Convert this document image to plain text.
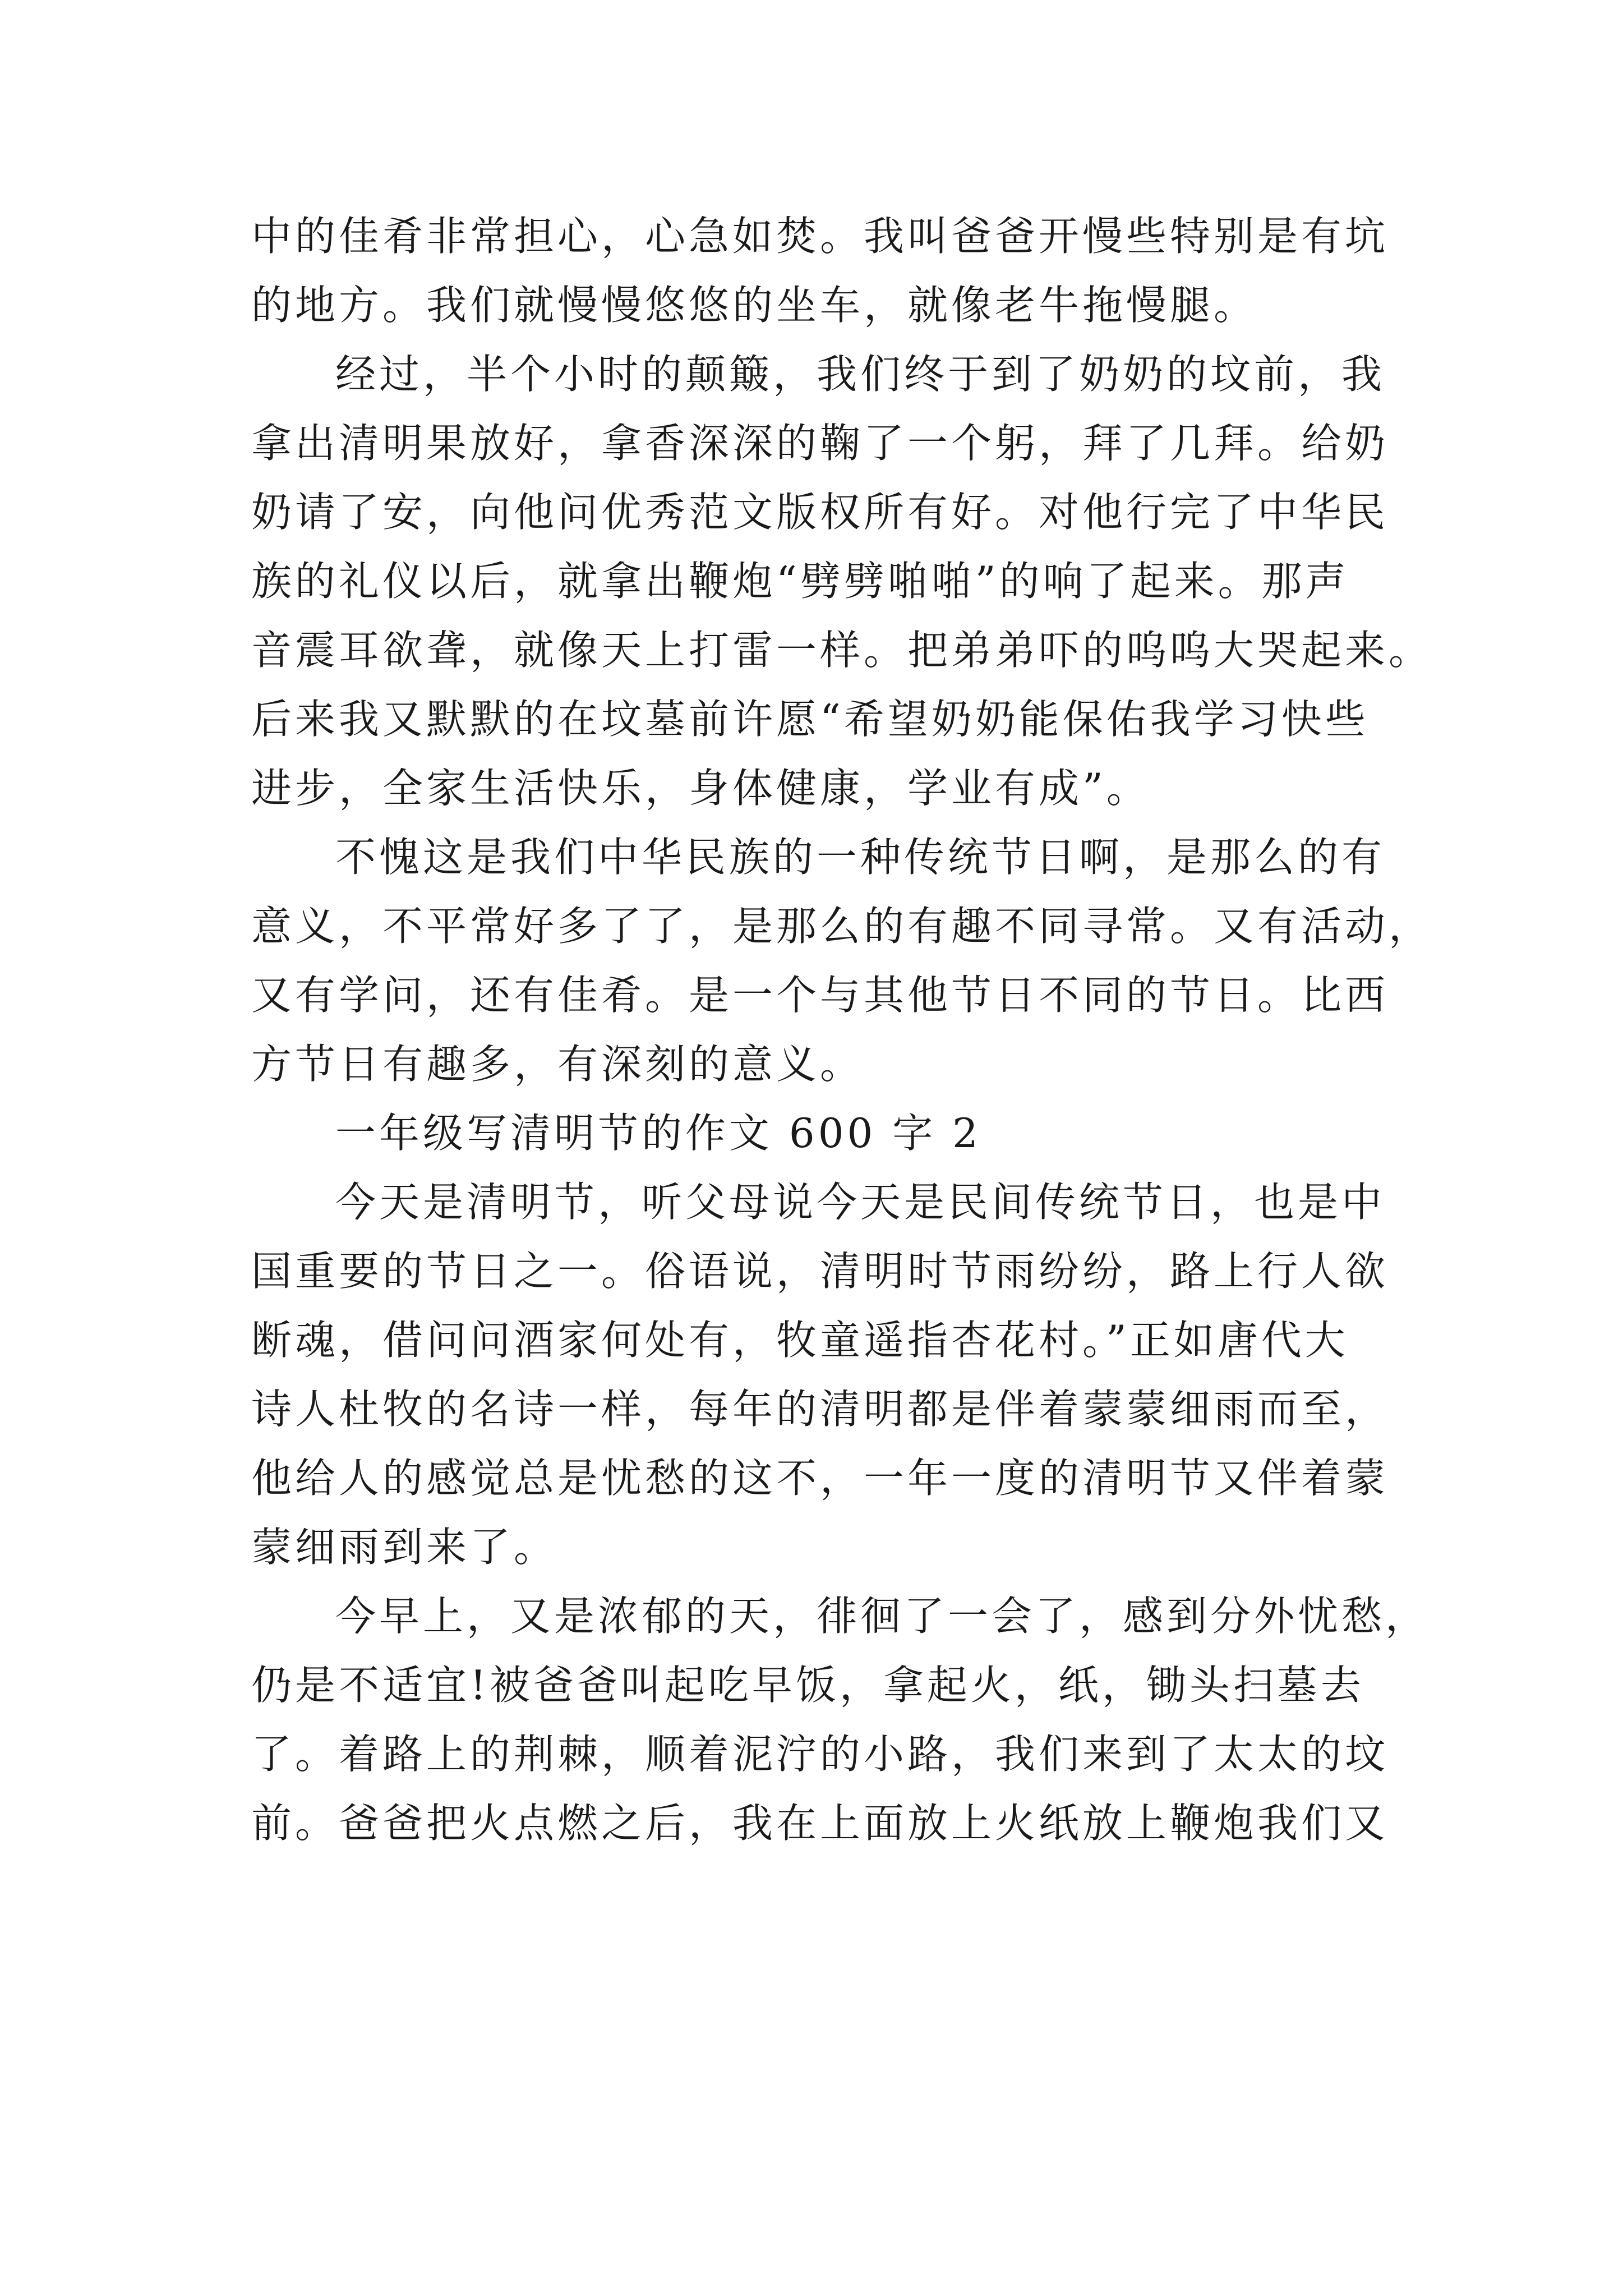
中的佳肴非常担心，心急如焚。我叫爸爸开慢些特别是有坑
的地方。我们就慢慢悠悠的坐车，就像老牛拖慢腿。
经过，半个小时的颠簸，我们终于到了奶奶的坟前，我
拿出清明果放好，拿香深深的鞠了一个躬，拜了几拜。给奶
奶请了安，向他问优秀范文版权所有好。对他行完了中华民
族的礼仪以后，就拿出鞭炮“劈劈啪啪”的响了起来。那声
音震耳欲聋，就像天上打雷一样。把弟弟吓的呜呜大哭起来。
后来我又默默的在坟墓前许愿“希望奶奶能保佑我学习快些
进步，全家生活快乐，身体健康，学业有成”。
不愧这是我们中华民族的一种传统节日啊，是那么的有
意义，不平常好多了了，是那么的有趣不同寻常。又有活动，
又有学问，还有佳肴。是一个与其他节日不同的节日。比西
方节日有趣多，有深刻的意义。
一年级写清明节的作文 600 字 2
今天是清明节，听父母说今天是民间传统节日，也是中
国重要的节日之一。俗语说，清明时节雨纷纷，路上行人欲
断魂，借问问酒家何处有，牧童遥指杏花村。”正如唐代大
诗人杜牧的名诗一样，每年的清明都是伴着蒙蒙细雨而至，
他给人的感觉总是忧愁的这不，一年一度的清明节又伴着蒙
蒙细雨到来了。
今早上，又是浓郁的天，徘徊了一会了，感到分外忧愁，
仍是不适宜!被爸爸叫起吃早饭，拿起火，纸，锄头扫墓去
了。着路上的荆棘，顺着泥泞的小路，我们来到了太太的坟
前。爸爸把火点燃之后，我在上面放上火纸放上鞭炮我们又
